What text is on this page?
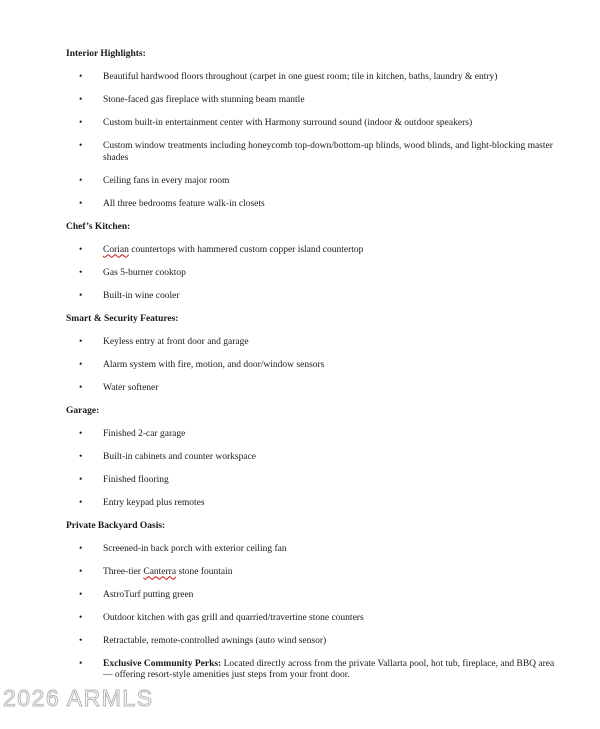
Interior Highlights:

• Beautiful hardwood floors throughout (carpet in one guest room; tile in kitchen, baths, laundry & entry)

• Stone-faced gas fireplace with stunning beam mantle

• Custom built-in entertainment center with Harmony surround sound (indoor & outdoor speakers)

• Custom window treatments including honeycomb top-down/bottom-up blinds, wood blinds, and light-blocking master
shades

• Ceiling fans in every major room

• All three bedrooms feature walk-in closets

Chef’s Kitchen:

• Corian countertops with hammered custom copper island countertop

• Gas 5-burner cooktop

• Built-in wine cooler

Smart & Security Features:

• Keyless entry at front door and garage

• Alarm system with fire, motion, and door/window sensors

• Water softener

Garage:

• Finished 2-car garage

• Built-in cabinets and counter workspace

• Finished flooring

• Entry keypad plus remotes

Private Backyard Oasis:

• Screened-in back porch with exterior ceiling fan

• Three-tier Canterra stone fountain

• AstroTurf putting green

• Outdoor kitchen with gas grill and quarried/travertine stone counters

• Retractable, remote-controlled awnings (auto wind sensor)

• Exclusive Community Perks: Located directly across from the private Vallarta pool, hot tub, fireplace, and BBQ area
— offering resort-style amenities just steps from your front door.

2026 ARMLS
